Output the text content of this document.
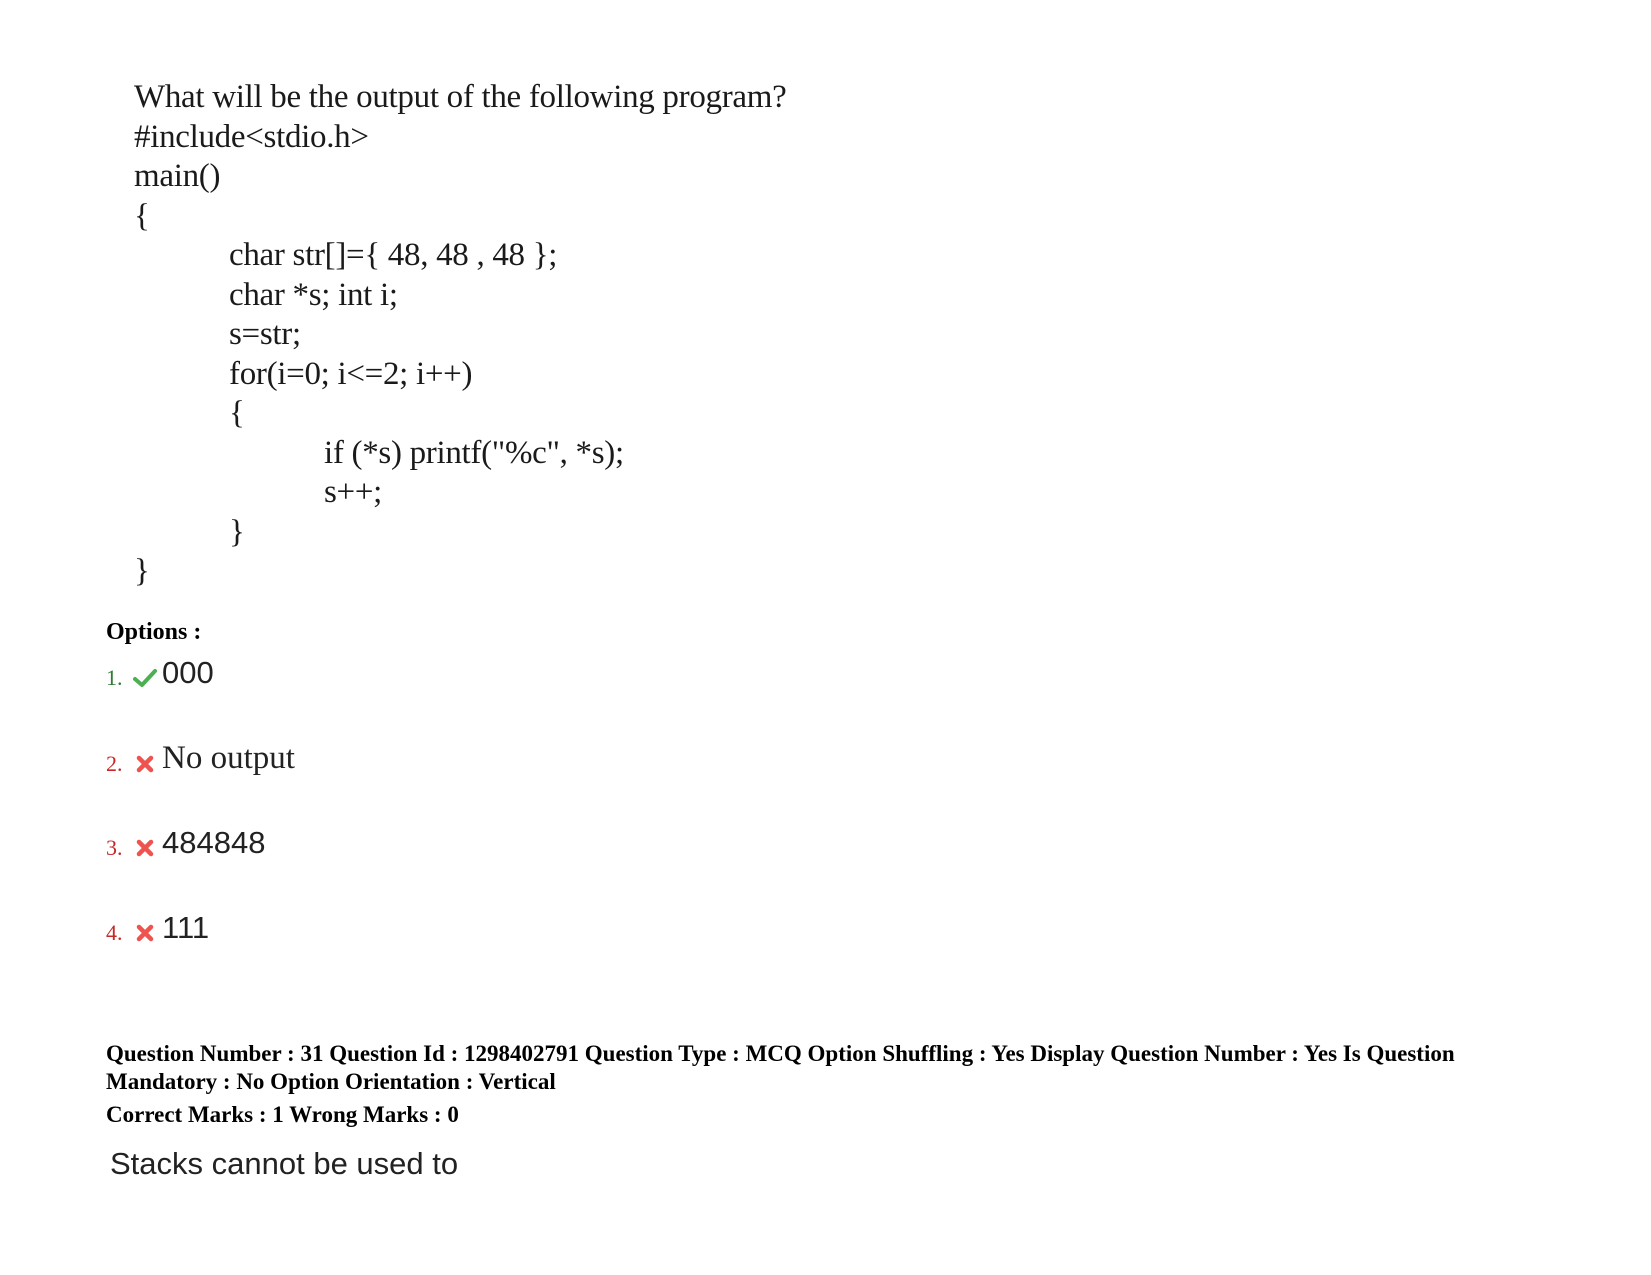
What will be the output of the following program?
#include<stdio.h>
main()
{
char str[]={ 48, 48 , 48 };
char *s; int i;
s=str;
for(i=0; i<=2; i++)
{
if (*s) printf("%c", *s);
s++;
}
}
Options :
1. 000
2. No output
3. 484848
4. 111
Question Number : 31 Question Id : 1298402791 Question Type : MCQ Option Shuffling : Yes Display Question Number : Yes Is Question Mandatory : No Option Orientation : Vertical
Correct Marks : 1 Wrong Marks : 0
Stacks cannot be used to
